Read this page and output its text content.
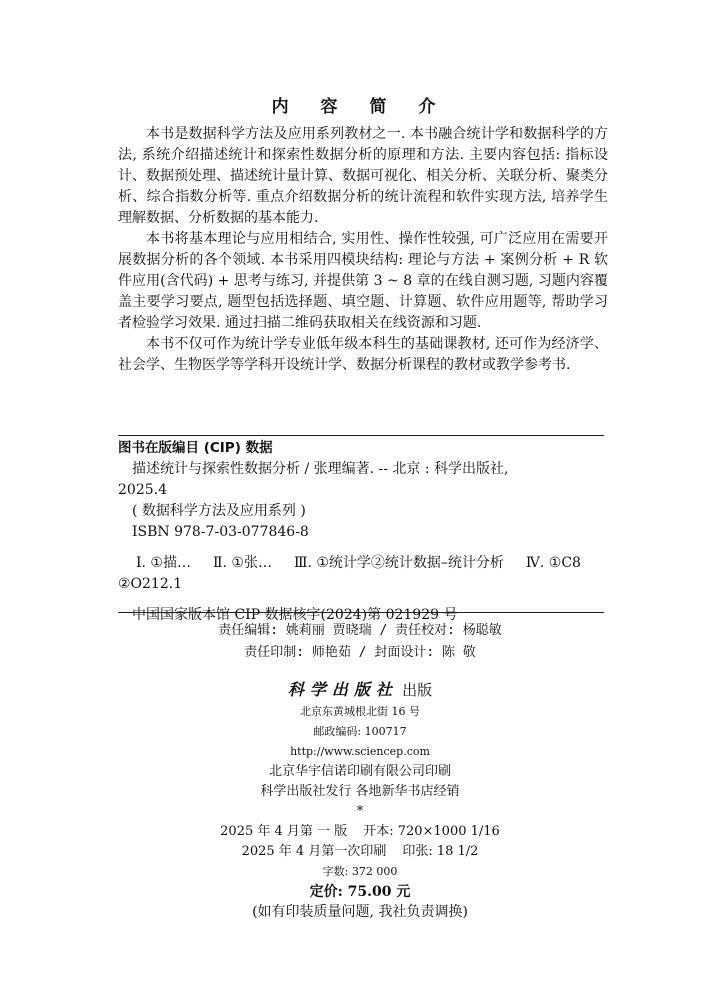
内 容 简 介

本书是数据科学方法及应用系列教材之一. 本书融合统计学和数据科学的方法, 系统介绍描述统计和探索性数据分析的原理和方法. 主要内容包括: 指标设计、数据预处理、描述统计量计算、数据可视化、相关分析、关联分析、聚类分析、综合指数分析等. 重点介绍数据分析的统计流程和软件实现方法, 培养学生理解数据、分析数据的基本能力.

本书将基本理论与应用相结合, 实用性、操作性较强, 可广泛应用在需要开展数据分析的各个领域. 本书采用四模块结构: 理论与方法 + 案例分析 + R 软件应用(含代码) + 思考与练习, 并提供第 3 ~ 8 章的在线自测习题, 习题内容覆盖主要学习要点, 题型包括选择题、填空题、计算题、软件应用题等, 帮助学习者检验学习效果. 通过扫描二维码获取相关在线资源和习题.

本书不仅可作为统计学专业低年级本科生的基础课教材, 还可作为经济学、社会学、生物医学等学科开设统计学、数据分析课程的教材或教学参考书.

图书在版编目 (CIP) 数据
描述统计与探索性数据分析 / 张理编著. -- 北京 : 科学出版社,
2025.4
( 数据科学方法及应用系列 )
ISBN 978-7-03-077846-8
Ⅰ. ①描… Ⅱ. ①张… Ⅲ. ①统计学②统计数据–统计分析 Ⅳ. ①C8
②O212.1
中国国家版本馆 CIP 数据核字(2024)第 021929 号
责任编辑: 姚莉丽 贾晓瑞 / 责任校对: 杨聪敏
责任印制: 师艳茹 / 封面设计: 陈 敬
科学出版社 出版
北京东黄城根北街 16 号
邮政编码: 100717
http://www.sciencep.com
北京华宇信诺印刷有限公司印刷
科学出版社发行 各地新华书店经销
*
2025 年 4 月第 一 版 开本: 720×1000 1/16
2025 年 4 月第一次印刷 印张: 18 1/2
字数: 372 000
定价: 75.00 元
(如有印装质量问题, 我社负责调换)
